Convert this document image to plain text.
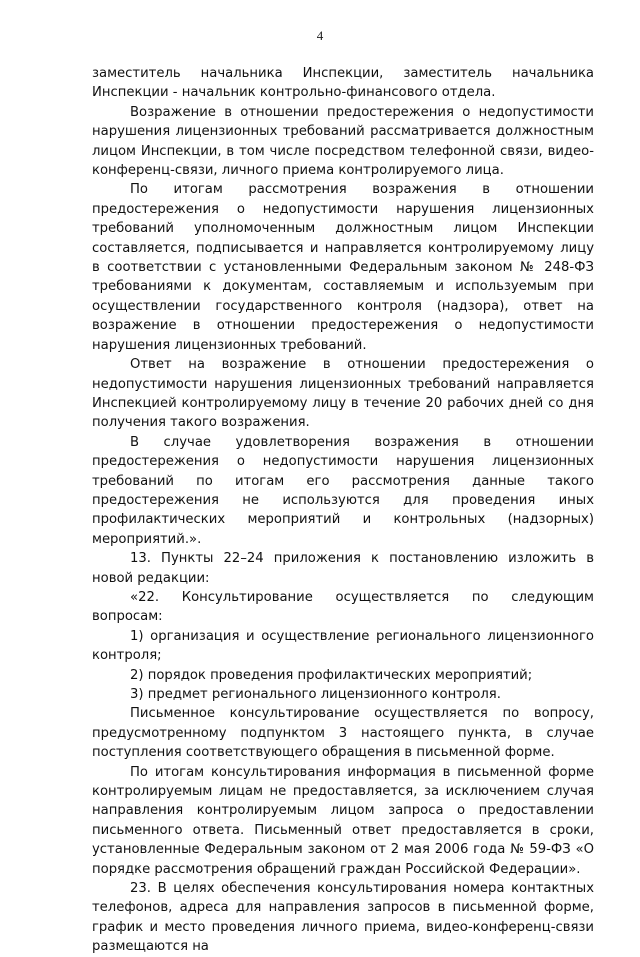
4

заместитель начальника Инспекции, заместитель начальника Инспекции - начальник контрольно-финансового отдела.

Возражение в отношении предостережения о недопустимости нарушения лицензионных требований рассматривается должностным лицом Инспекции, в том числе посредством телефонной связи, видео-конференц-связи, личного приема контролируемого лица.

По итогам рассмотрения возражения в отношении предостережения о недопустимости нарушения лицензионных требований уполномоченным должностным лицом Инспекции составляется, подписывается и направляется контролируемому лицу в соответствии с установленными Федеральным законом № 248-ФЗ требованиями к документам, составляемым и используемым при осуществлении государственного контроля (надзора), ответ на возражение в отношении предостережения о недопустимости нарушения лицензионных требований.

Ответ на возражение в отношении предостережения о недопустимости нарушения лицензионных требований направляется Инспекцией контролируемому лицу в течение 20 рабочих дней со дня получения такого возражения.

В случае удовлетворения возражения в отношении предостережения о недопустимости нарушения лицензионных требований по итогам его рассмотрения данные такого предостережения не используются для проведения иных профилактических мероприятий и контрольных (надзорных) мероприятий.».

13. Пункты 22–24 приложения к постановлению изложить в новой редакции:

«22. Консультирование осуществляется по следующим вопросам:

1) организация и осуществление регионального лицензионного контроля;

2) порядок проведения профилактических мероприятий;

3) предмет регионального лицензионного контроля.

Письменное консультирование осуществляется по вопросу, предусмотренному подпунктом 3 настоящего пункта, в случае поступления соответствующего обращения в письменной форме.

По итогам консультирования информация в письменной форме контролируемым лицам не предоставляется, за исключением случая направления контролируемым лицом запроса о предоставлении письменного ответа. Письменный ответ предоставляется в сроки, установленные Федеральным законом от 2 мая 2006 года № 59-ФЗ «О порядке рассмотрения обращений граждан Российской Федерации».

23. В целях обеспечения консультирования номера контактных телефонов, адреса для направления запросов в письменной форме, график и место проведения личного приема, видео-конференц-связи размещаются на
